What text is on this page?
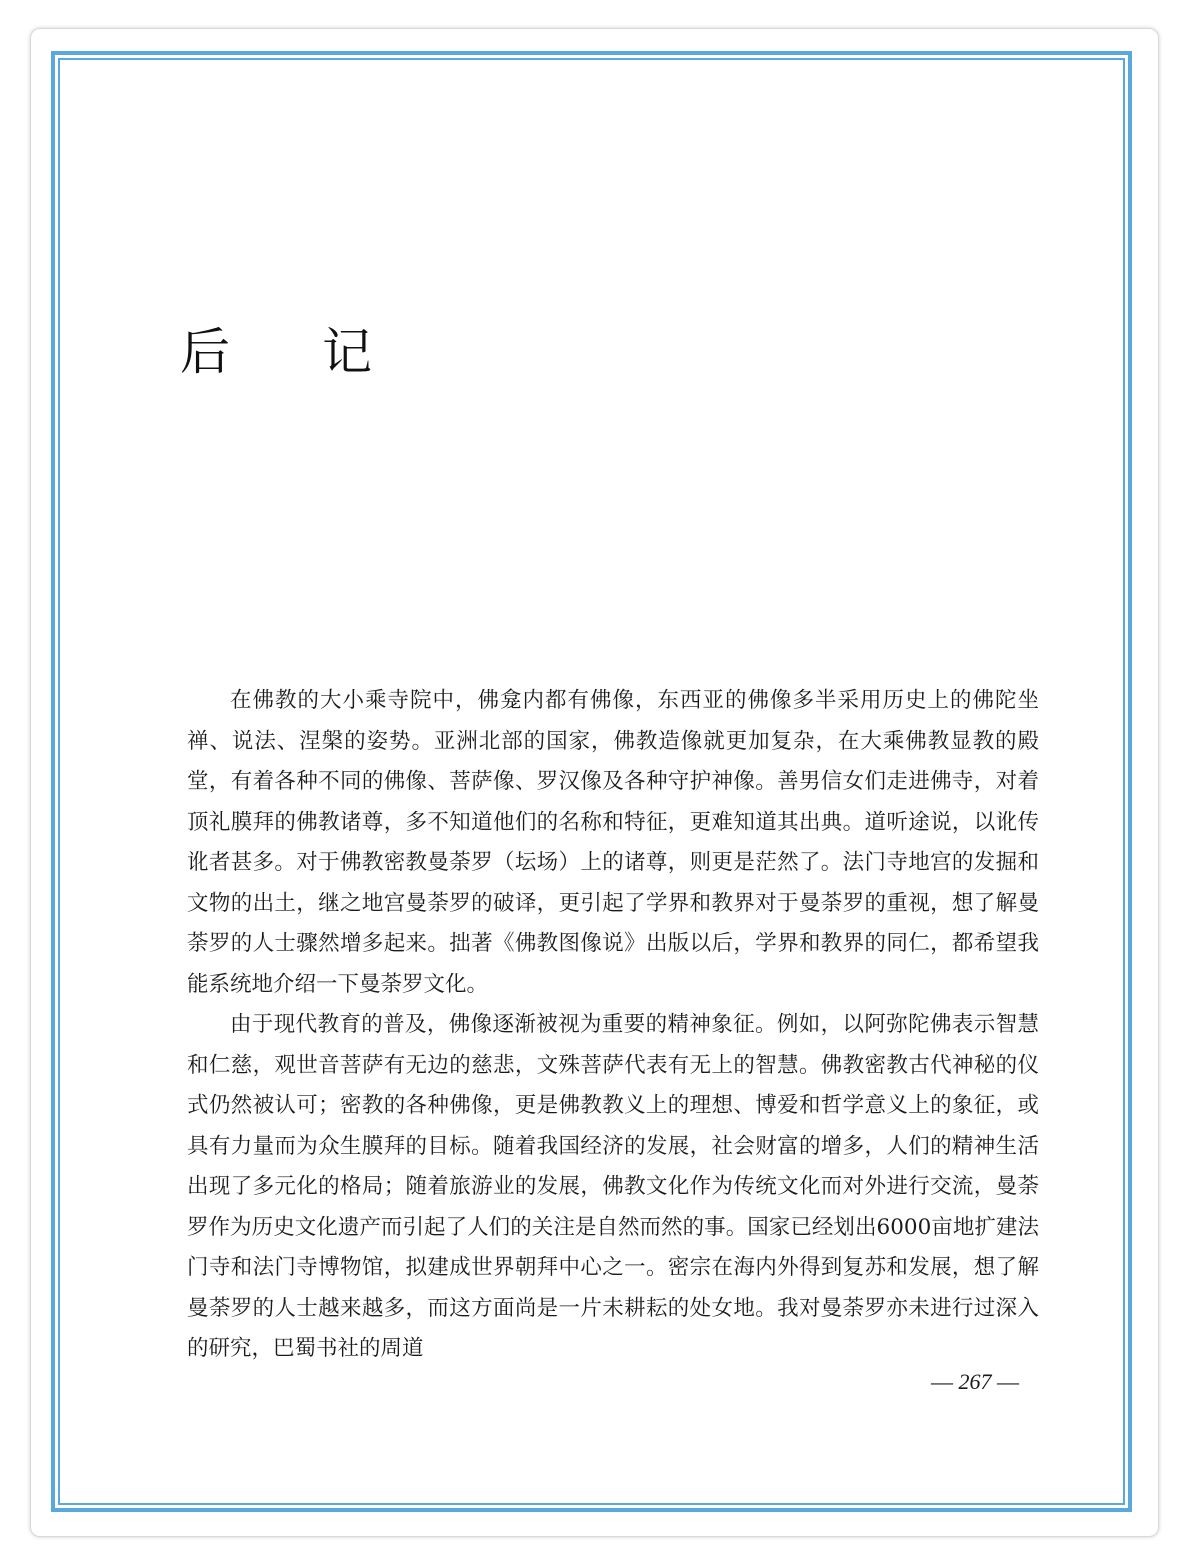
后 记

在佛教的大小乘寺院中，佛龛内都有佛像，东西亚的佛像多半采用历史上的佛陀坐禅、说法、涅槃的姿势。亚洲北部的国家，佛教造像就更加复杂，在大乘佛教显教的殿堂，有着各种不同的佛像、菩萨像、罗汉像及各种守护神像。善男信女们走进佛寺，对着顶礼膜拜的佛教诸尊，多不知道他们的名称和特征，更难知道其出典。道听途说，以讹传讹者甚多。对于佛教密教曼荼罗（坛场）上的诸尊，则更是茫然了。法门寺地宫的发掘和文物的出土，继之地宫曼荼罗的破译，更引起了学界和教界对于曼荼罗的重视，想了解曼荼罗的人士骤然增多起来。拙著《佛教图像说》出版以后，学界和教界的同仁，都希望我能系统地介绍一下曼荼罗文化。

由于现代教育的普及，佛像逐渐被视为重要的精神象征。例如，以阿弥陀佛表示智慧和仁慈，观世音菩萨有无边的慈悲，文殊菩萨代表有无上的智慧。佛教密教古代神秘的仪式仍然被认可；密教的各种佛像，更是佛教教义上的理想、博爱和哲学意义上的象征，或具有力量而为众生膜拜的目标。随着我国经济的发展，社会财富的增多，人们的精神生活出现了多元化的格局；随着旅游业的发展，佛教文化作为传统文化而对外进行交流，曼荼罗作为历史文化遗产而引起了人们的关注是自然而然的事。国家已经划出6000亩地扩建法门寺和法门寺博物馆，拟建成世界朝拜中心之一。密宗在海内外得到复苏和发展，想了解曼荼罗的人士越来越多，而这方面尚是一片未耕耘的处女地。我对曼荼罗亦未进行过深入的研究，巴蜀书社的周道

— 267 —
